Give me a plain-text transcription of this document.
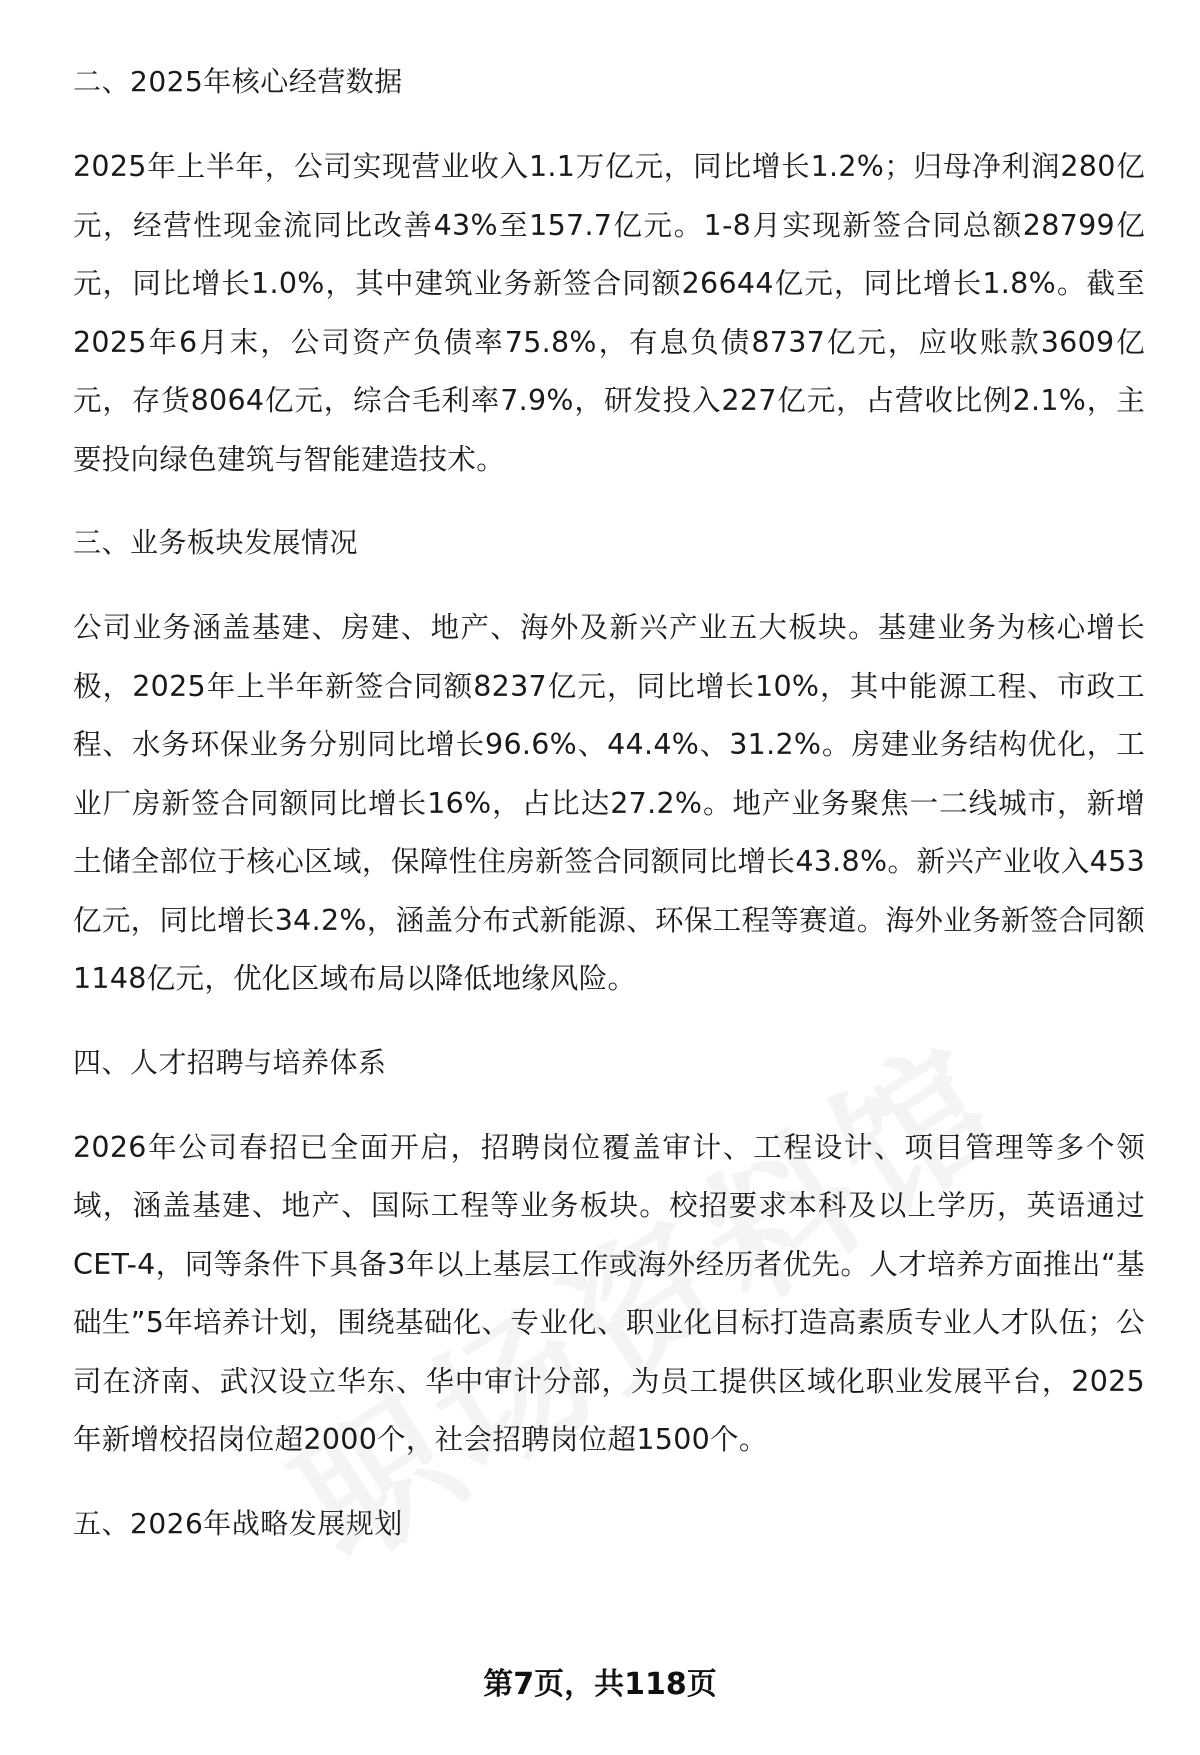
二、2025年核心经营数据
2025年上半年，公司实现营业收入1.1万亿元，同比增长1.2%；归母净利润280亿元，经营性现金流同比改善43%至157.7亿元。1-8月实现新签合同总额28799亿元，同比增长1.0%，其中建筑业务新签合同额26644亿元，同比增长1.8%。截至2025年6月末，公司资产负债率75.8%，有息负债8737亿元，应收账款3609亿元，存货8064亿元，综合毛利率7.9%，研发投入227亿元，占营收比例2.1%，主要投向绿色建筑与智能建造技术。
三、业务板块发展情况
公司业务涵盖基建、房建、地产、海外及新兴产业五大板块。基建业务为核心增长极，2025年上半年新签合同额8237亿元，同比增长10%，其中能源工程、市政工程、水务环保业务分别同比增长96.6%、44.4%、31.2%。房建业务结构优化，工业厂房新签合同额同比增长16%，占比达27.2%。地产业务聚焦一二线城市，新增土储全部位于核心区域，保障性住房新签合同额同比增长43.8%。新兴产业收入453亿元，同比增长34.2%，涵盖分布式新能源、环保工程等赛道。海外业务新签合同额1148亿元，优化区域布局以降低地缘风险。
四、人才招聘与培养体系
2026年公司春招已全面开启，招聘岗位覆盖审计、工程设计、项目管理等多个领域，涵盖基建、地产、国际工程等业务板块。校招要求本科及以上学历，英语通过CET-4，同等条件下具备3年以上基层工作或海外经历者优先。人才培养方面推出“基础生”5年培养计划，围绕基础化、专业化、职业化目标打造高素质专业人才队伍；公司在济南、武汉设立华东、华中审计分部，为员工提供区域化职业发展平台，2025年新增校招岗位超2000个，社会招聘岗位超1500个。
五、2026年战略发展规划
第7页，共118页
